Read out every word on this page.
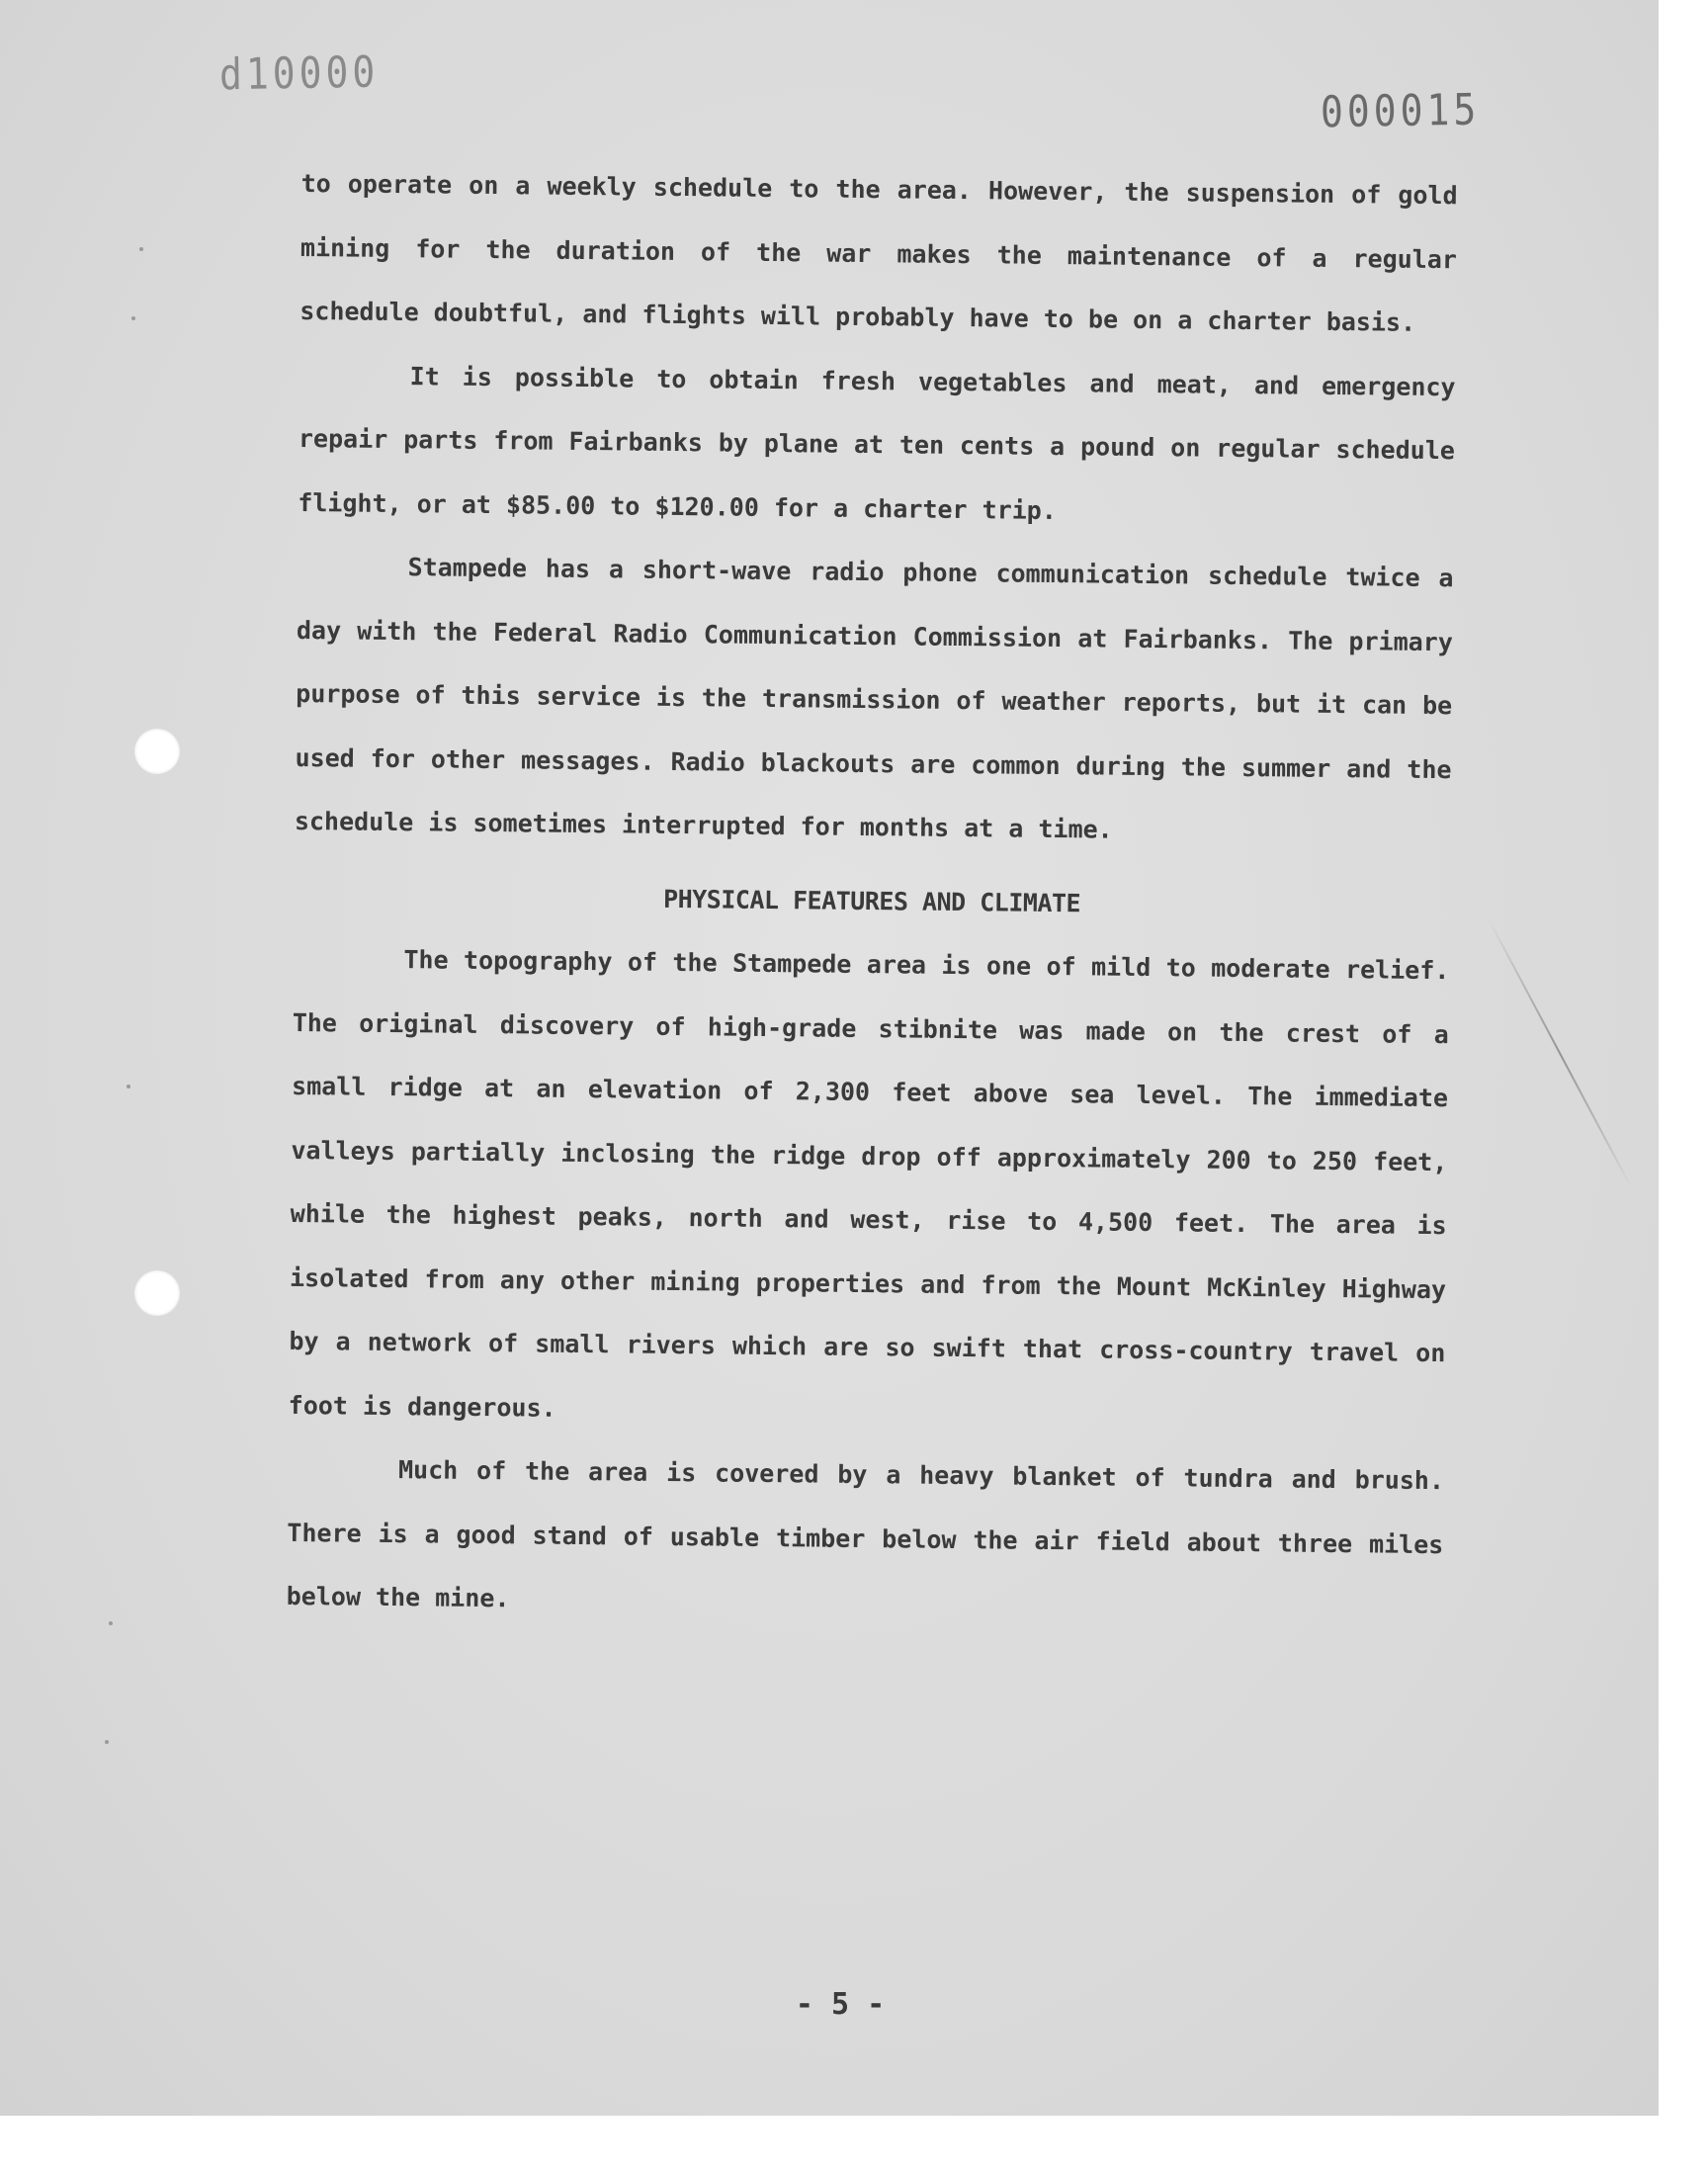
d10000
000015

to operate on a weekly schedule to the area. However, the suspension of gold mining for the duration of the war makes the maintenance of a regular schedule doubtful, and flights will probably have to be on a charter basis.

It is possible to obtain fresh vegetables and meat, and emergency repair parts from Fairbanks by plane at ten cents a pound on regular schedule flight, or at $85.00 to $120.00 for a charter trip.

Stampede has a short-wave radio phone communication schedule twice a day with the Federal Radio Communication Commission at Fairbanks. The primary purpose of this service is the transmission of weather reports, but it can be used for other messages. Radio blackouts are common during the summer and the schedule is sometimes interrupted for months at a time.

PHYSICAL FEATURES AND CLIMATE

The topography of the Stampede area is one of mild to moderate relief. The original discovery of high-grade stibnite was made on the crest of a small ridge at an elevation of 2,300 feet above sea level. The immediate valleys partially inclosing the ridge drop off approximately 200 to 250 feet, while the highest peaks, north and west, rise to 4,500 feet. The area is isolated from any other mining properties and from the Mount McKinley Highway by a network of small rivers which are so swift that cross-country travel on foot is dangerous.

Much of the area is covered by a heavy blanket of tundra and brush. There is a good stand of usable timber below the air field about three miles below the mine.

- 5 -
